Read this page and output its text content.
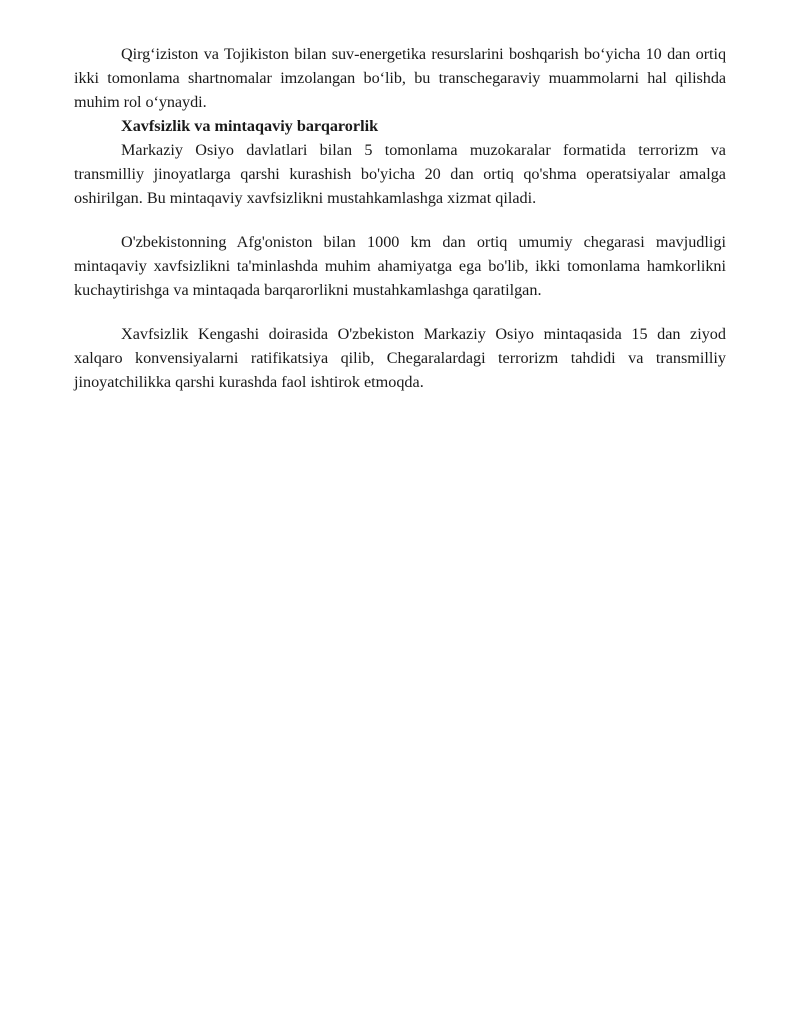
Qirg‘iziston va Tojikiston bilan suv-energetika resurslarini boshqarish bo‘yicha 10 dan ortiq ikki tomonlama shartnomalar imzolangan bo‘lib, bu transchegaraviy muammolarni hal qilishda muhim rol o‘ynaydi.

Xavfsizlik va mintaqaviy barqarorlik

Markaziy Osiyo davlatlari bilan 5 tomonlama muzokaralar formatida terrorizm va transmilliy jinoyatlarga qarshi kurashish bo'yicha 20 dan ortiq qo'shma operatsiyalar amalga oshirilgan. Bu mintaqaviy xavfsizlikni mustahkamlashga xizmat qiladi.

O'zbekistonning Afg'oniston bilan 1000 km dan ortiq umumiy chegarasi mavjudligi mintaqaviy xavfsizlikni ta'minlashda muhim ahamiyatga ega bo'lib, ikki tomonlama hamkorlikni kuchaytirishga va mintaqada barqarorlikni mustahkamlashga qaratilgan.

Xavfsizlik Kengashi doirasida O'zbekiston Markaziy Osiyo mintaqasida 15 dan ziyod xalqaro konvensiyalarni ratifikatsiya qilib, Chegaralardagi terrorizm tahdidi va transmilliy jinoyatchilikka qarshi kurashda faol ishtirok etmoqda.
